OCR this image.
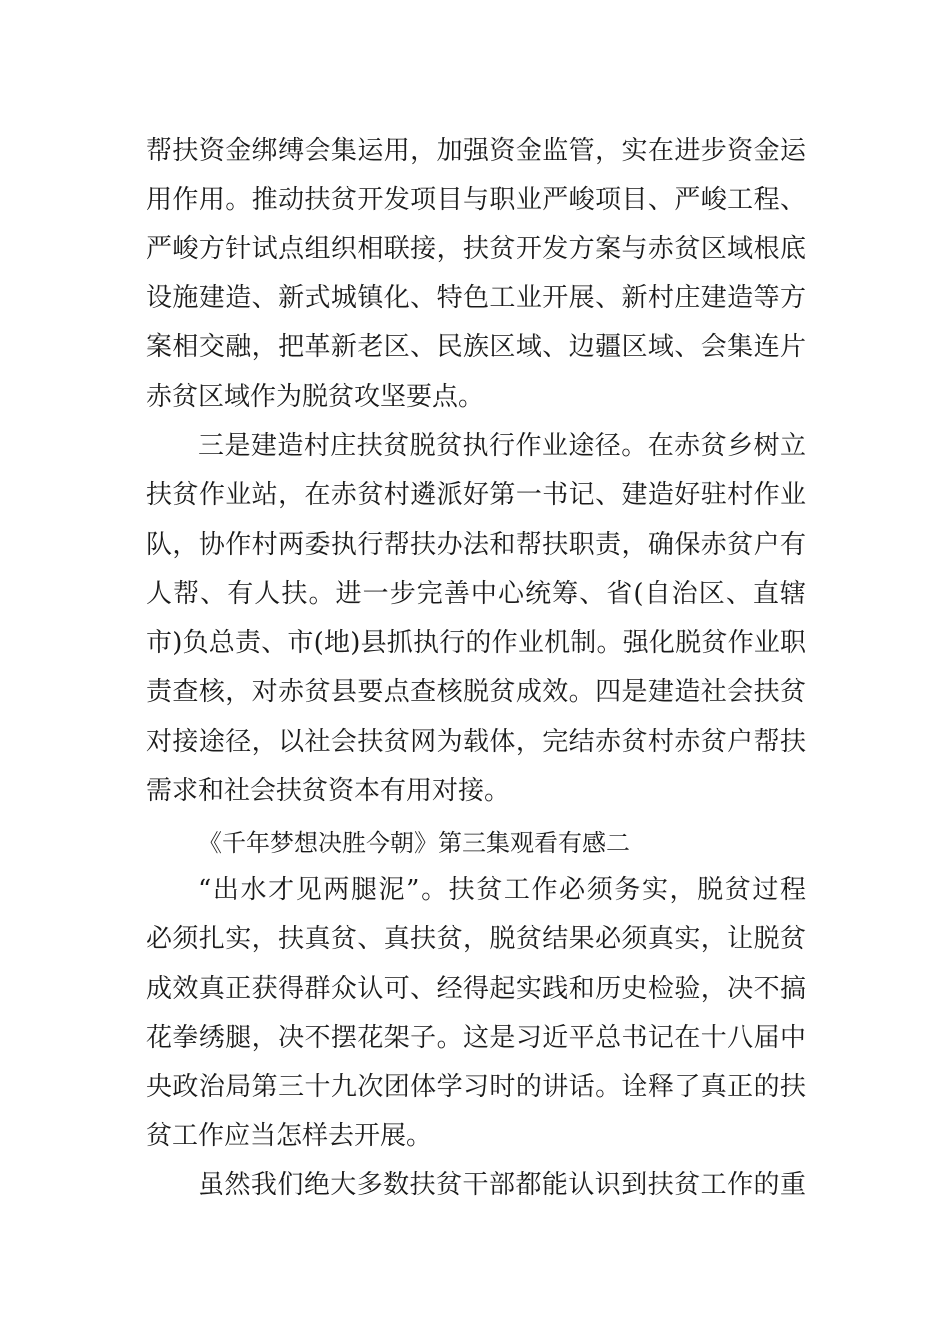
帮扶资金绑缚会集运用，加强资金监管，实在进步资金运
用作用。推动扶贫开发项目与职业严峻项目、严峻工程、
严峻方针试点组织相联接，扶贫开发方案与赤贫区域根底
设施建造、新式城镇化、特色工业开展、新村庄建造等方
案相交融，把革新老区、民族区域、边疆区域、会集连片
赤贫区域作为脱贫攻坚要点。
三是建造村庄扶贫脱贫执行作业途径。在赤贫乡树立
扶贫作业站，在赤贫村遴派好第一书记、建造好驻村作业
队，协作村两委执行帮扶办法和帮扶职责，确保赤贫户有
人帮、有人扶。进一步完善中心统筹、省(自治区、直辖
市)负总责、市(地)县抓执行的作业机制。强化脱贫作业职
责查核，对赤贫县要点查核脱贫成效。四是建造社会扶贫
对接途径，以社会扶贫网为载体，完结赤贫村赤贫户帮扶
需求和社会扶贫资本有用对接。
《千年梦想决胜今朝》第三集观看有感二
“出水才见两腿泥”。扶贫工作必须务实，脱贫过程
必须扎实，扶真贫、真扶贫，脱贫结果必须真实，让脱贫
成效真正获得群众认可、经得起实践和历史检验，决不搞
花拳绣腿，决不摆花架子。这是习近平总书记在十八届中
央政治局第三十九次团体学习时的讲话。诠释了真正的扶
贫工作应当怎样去开展。
虽然我们绝大多数扶贫干部都能认识到扶贫工作的重
